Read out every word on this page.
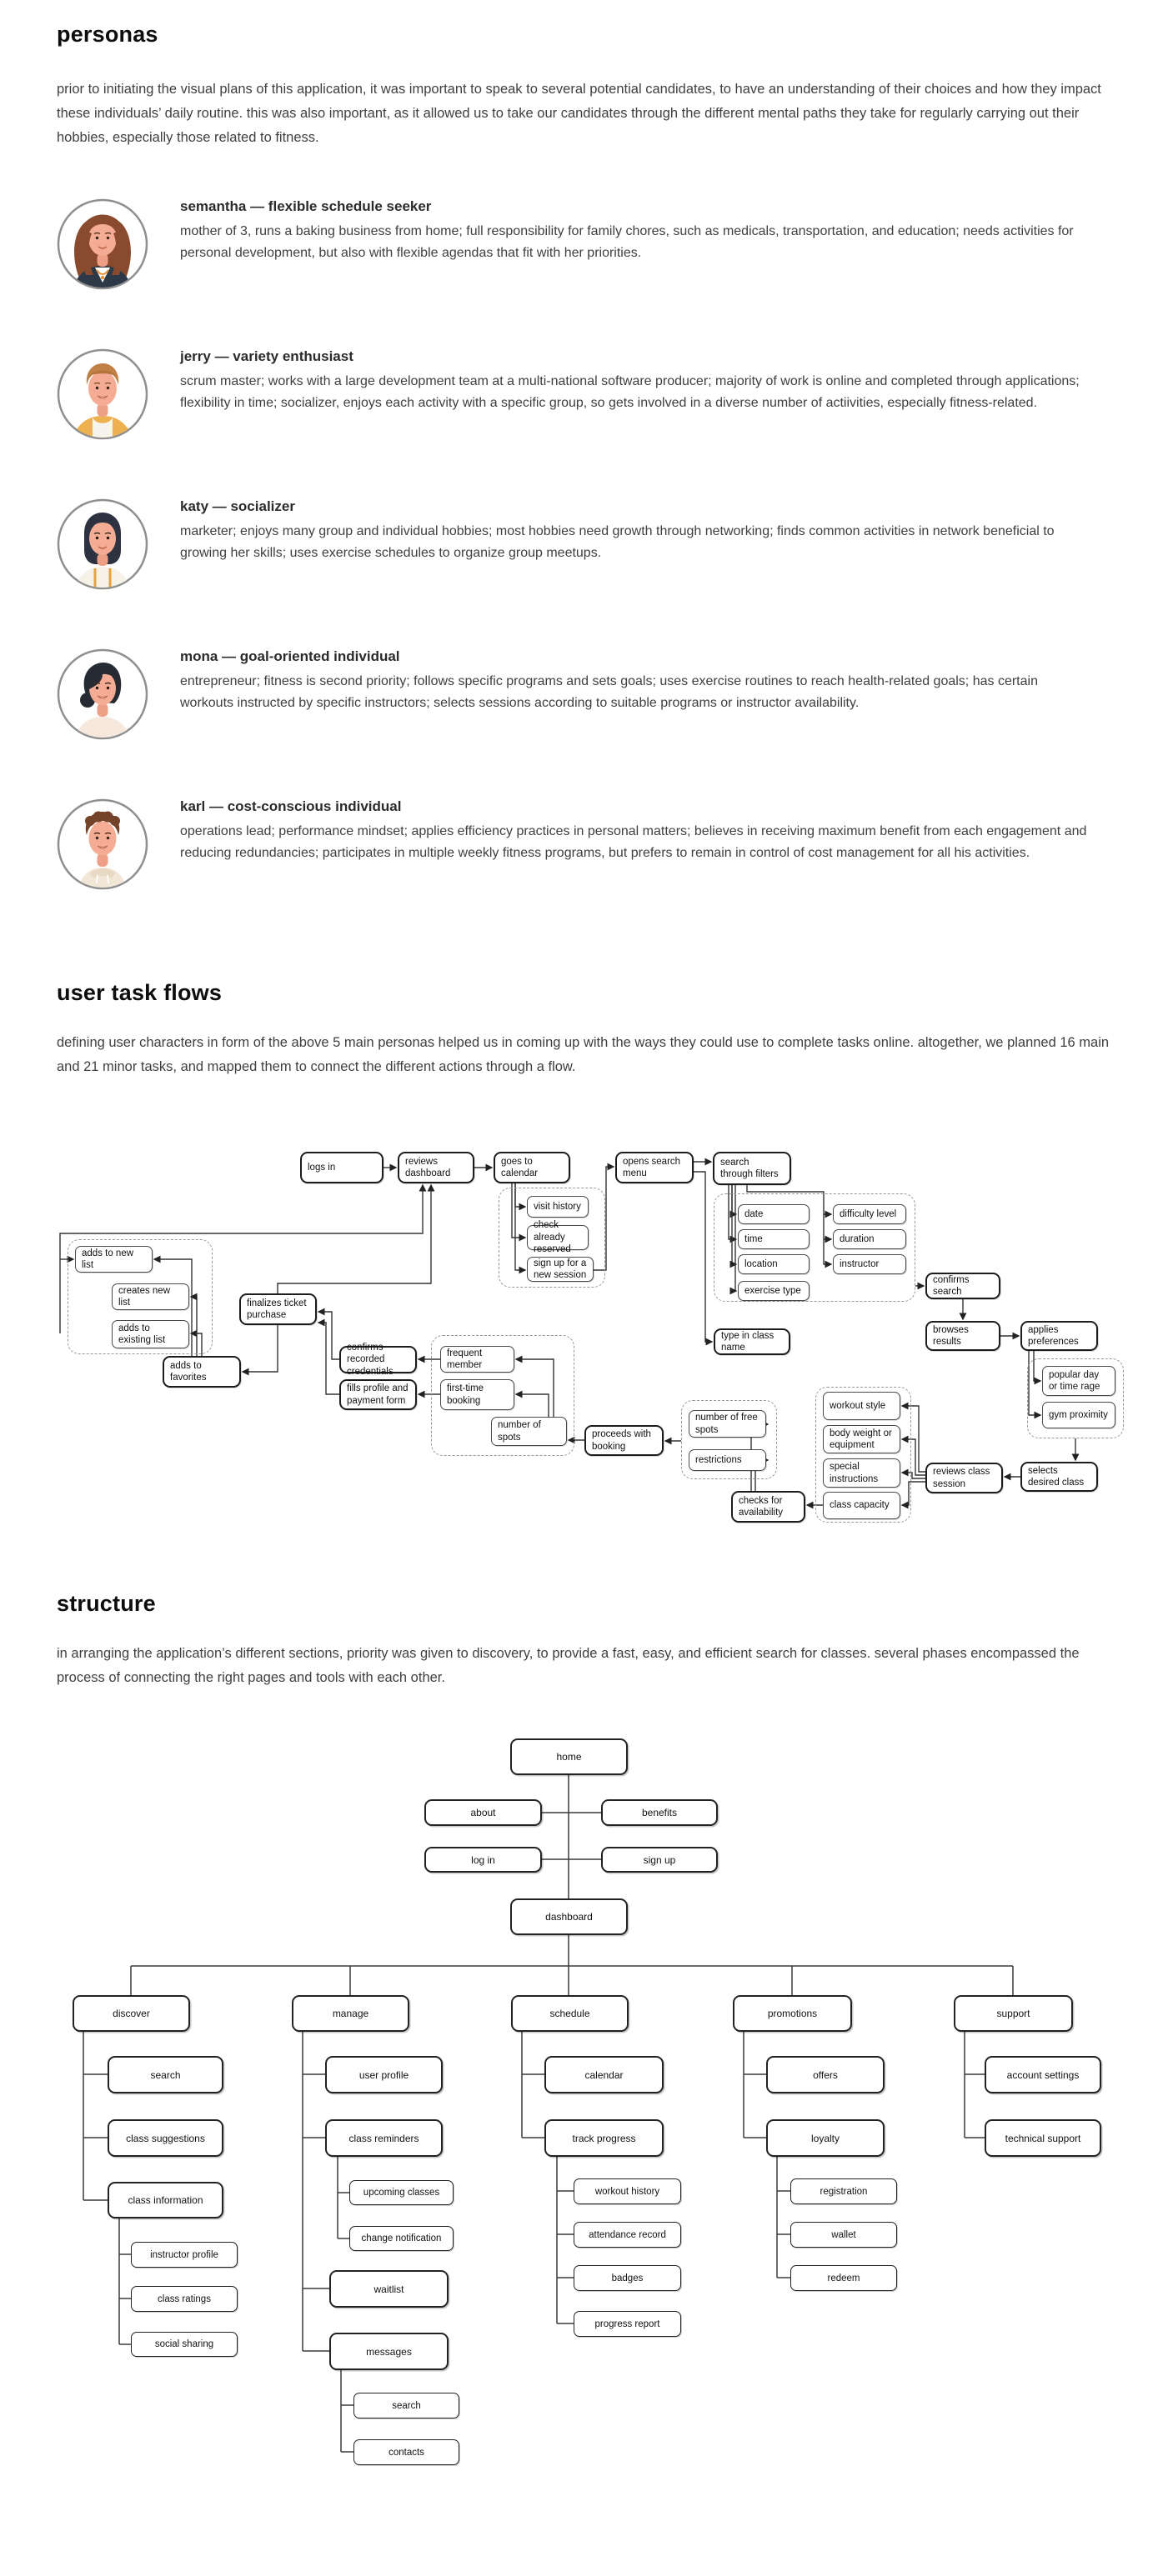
personas

prior to initiating the visual plans of this application, it was important to speak to several potential candidates, to have an understanding of their choices and how they impact these individuals’ daily routine. this was also important, as it allowed us to take our candidates through the different mental paths they take for regularly carrying out their hobbies, especially those related to fitness.

semantha — flexible schedule seeker
mother of 3, runs a baking business from home; full responsibility for family chores, such as medicals, transportation, and education; needs activities for personal development, but also with flexible agendas that fit with her priorities.
jerry — variety enthusiast
scrum master; works with a large development team at a multi-national software producer; majority of work is online and completed through applications; flexibility in time; socializer, enjoys each activity with a specific group, so gets involved in a diverse number of actiivities, especially fitness-related.
katy — socializer
marketer; enjoys many group and individual hobbies; most hobbies need growth through networking; finds common activities in network beneficial to growing her skills; uses exercise schedules to organize group meetups.
mona — goal-oriented individual
entrepreneur; fitness is second priority; follows specific programs and sets goals; uses exercise routines to reach health-related goals; has certain workouts instructed by specific instructors; selects sessions according to suitable programs or instructor availability.
karl — cost-conscious individual
operations lead; performance mindset; applies efficiency practices in personal matters; believes in receiving maximum benefit from each engagement and reducing redundancies; participates in multiple weekly fitness programs, but prefers to remain in control of cost management for all his activities.
user task flows

defining user characters in form of the above 5 main personas helped us in coming up with the ways they could use to complete tasks online. altogether, we planned 16 main and 21 minor tasks, and mapped them to connect the different actions through a flow.

logs in
reviews dashboard
goes to calendar
opens search menu
search through filters
visit history
check already reserved
sign up for a new session
date
time
location
exercise type
difficulty level
duration
instructor
confirms search
browses results
applies preferences
popular day or time rage
gym proximity
type in class name
adds to new list
creates new list
adds to existing list
adds to favorites
finalizes ticket purchase
confirms recorded credentials
fills profile and payment form
frequent member
first-time booking
number of spots	proceeds with booking
number of free spots
restrictions
checks for availability
workout style
body weight or equipment
special instructions
class capacity
reviews class session
selects desired class
structure

in arranging the application’s different sections, priority was given to discovery, to provide a fast, easy, and efficient search for classes. several phases encompassed the process of connecting the right pages and tools with each other.

home
about	benefits
log in	sign up
dashboard
discover	manage	schedule	promotions	support
search
class suggestions
class information
instructor profile
class ratings
social sharing
user profile
class reminders
upcoming classes
change notification
waitlist
messages
search
contacts
calendar
track progress
workout history
attendance record
badges
progress report
offers
loyalty
registration
wallet
redeem
account settings
technical support
